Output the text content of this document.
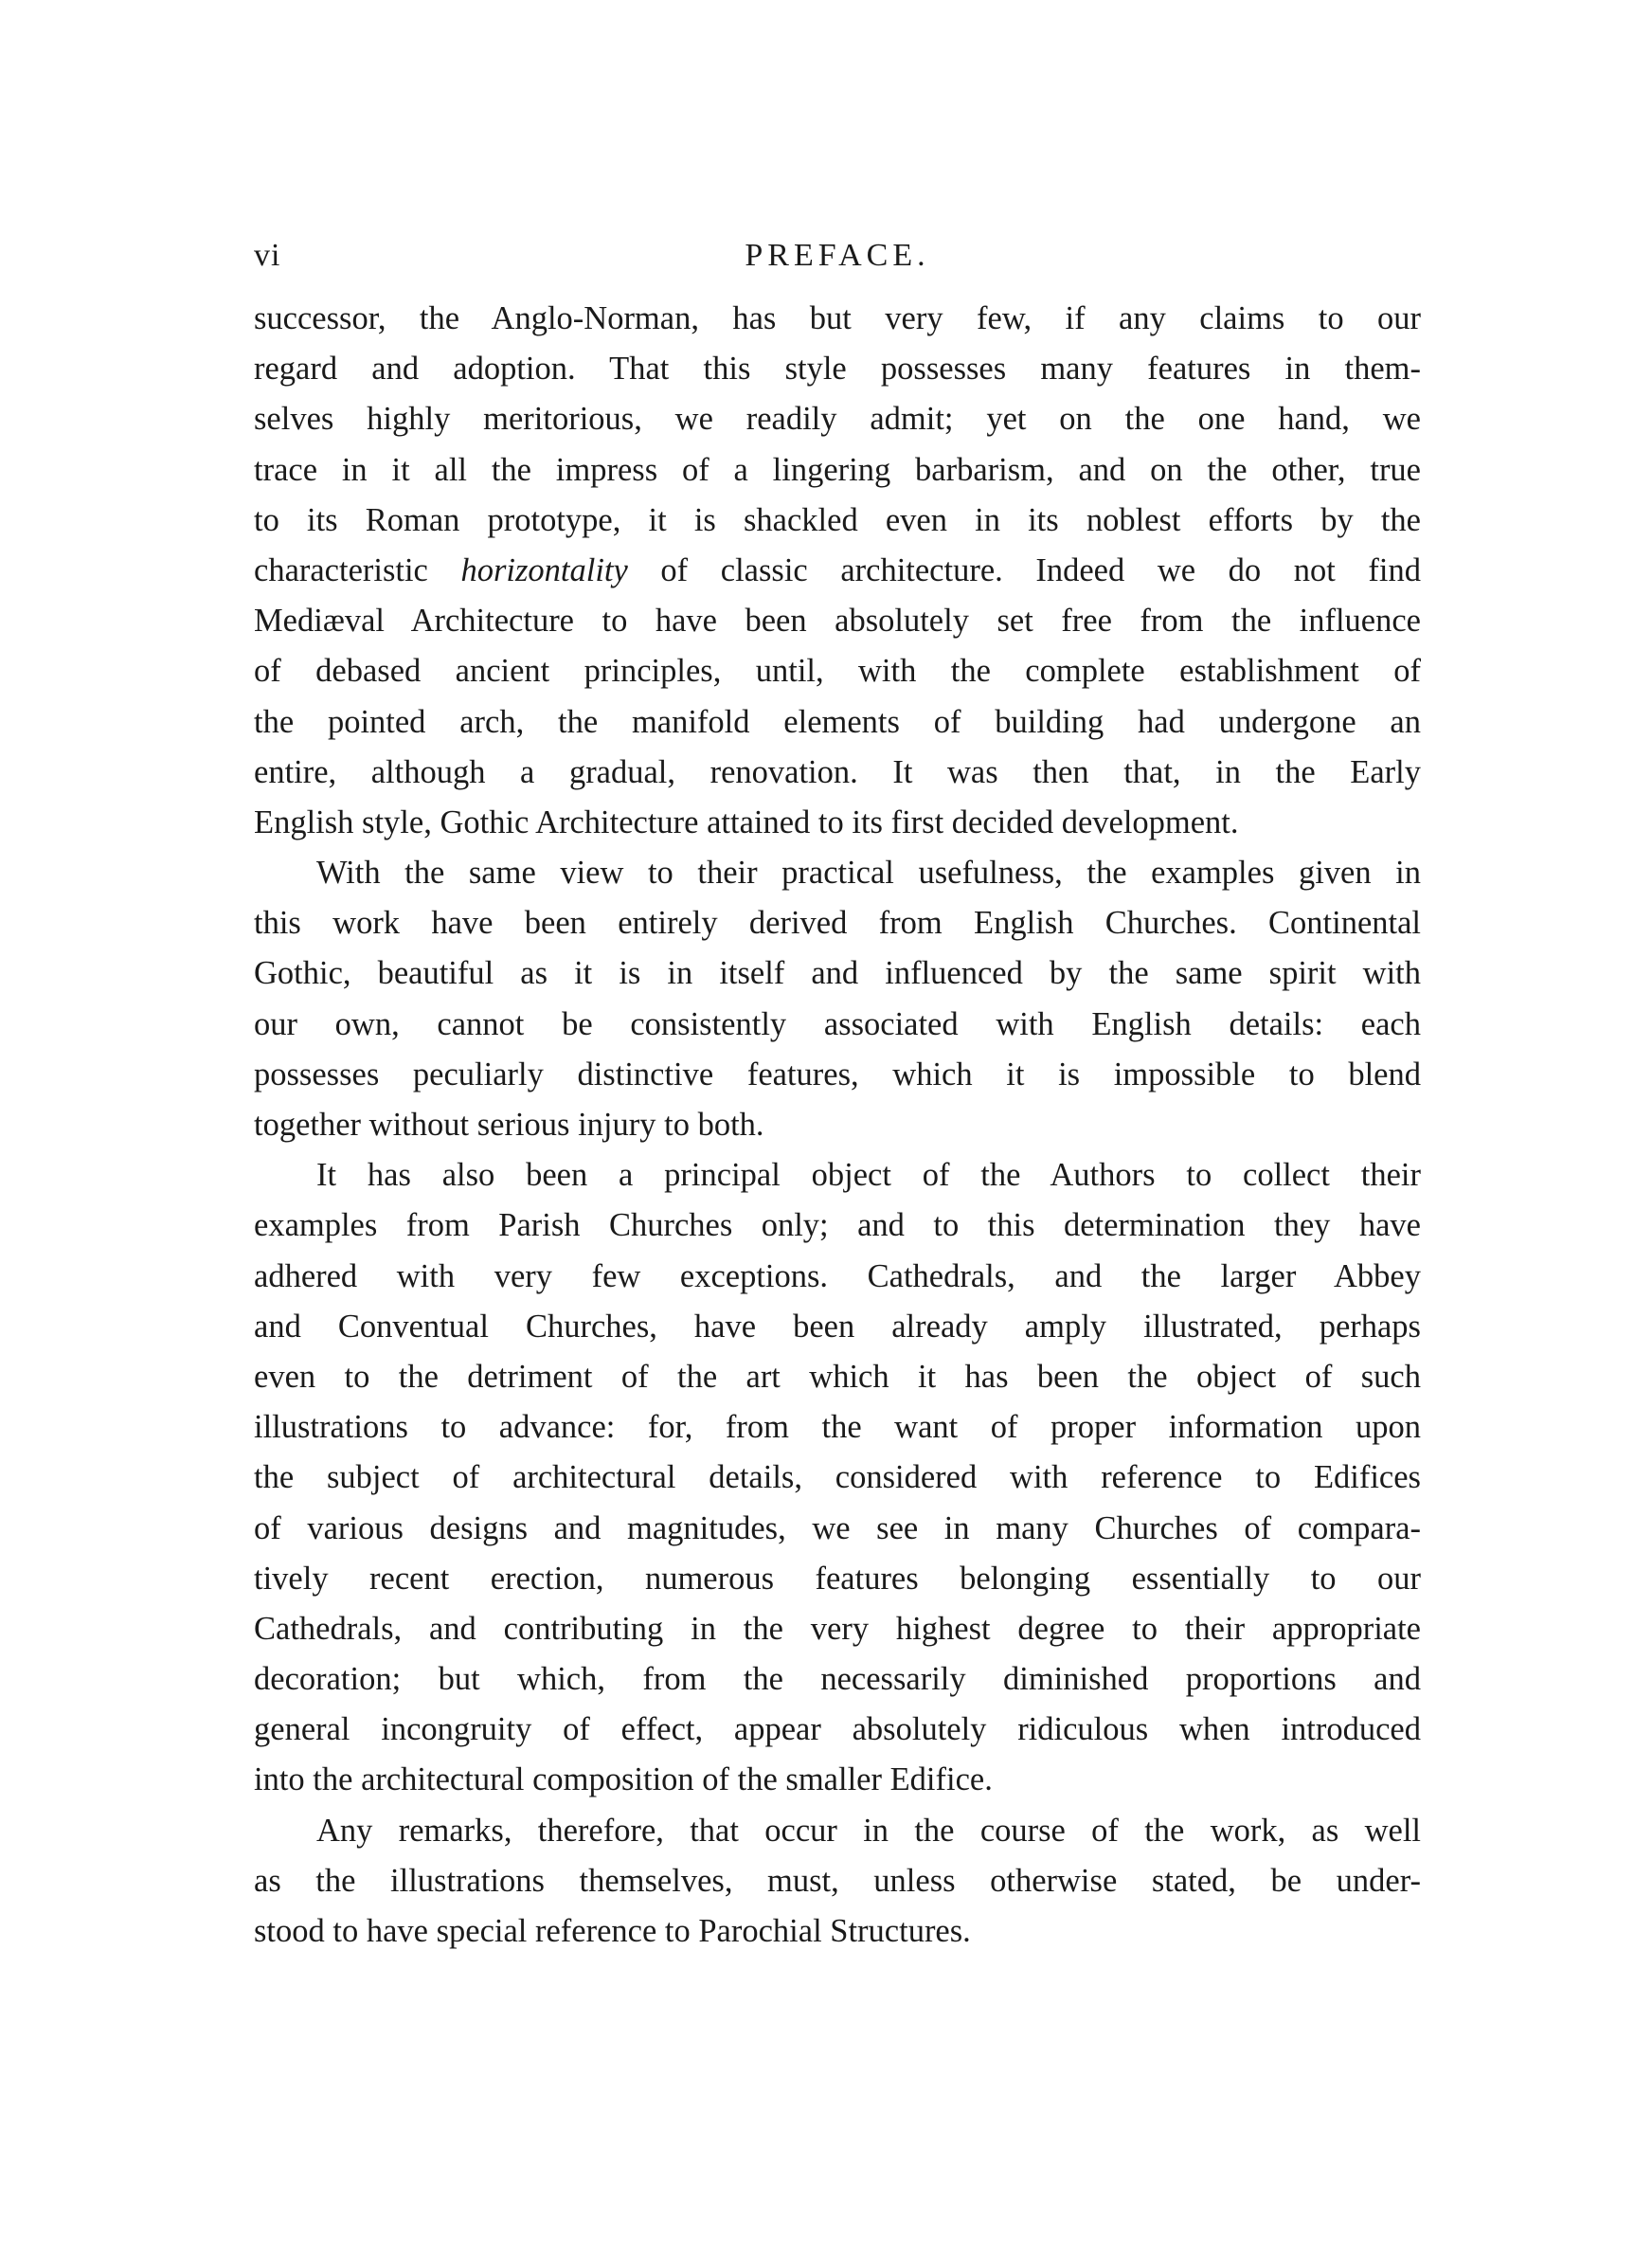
vi	PREFACE.
successor, the Anglo-Norman, has but very few, if any claims to our
regard and adoption. That this style possesses many features in them-
selves highly meritorious, we readily admit; yet on the one hand, we
trace in it all the impress of a lingering barbarism, and on the other, true
to its Roman prototype, it is shackled even in its noblest efforts by the
characteristic horizontality of classic architecture. Indeed we do not find
Mediæval Architecture to have been absolutely set free from the influence
of debased ancient principles, until, with the complete establishment of
the pointed arch, the manifold elements of building had undergone an
entire, although a gradual, renovation. It was then that, in the Early
English style, Gothic Architecture attained to its first decided development.
With the same view to their practical usefulness, the examples given in
this work have been entirely derived from English Churches. Continental
Gothic, beautiful as it is in itself and influenced by the same spirit with
our own, cannot be consistently associated with English details: each
possesses peculiarly distinctive features, which it is impossible to blend
together without serious injury to both.
It has also been a principal object of the Authors to collect their
examples from Parish Churches only; and to this determination they have
adhered with very few exceptions. Cathedrals, and the larger Abbey
and Conventual Churches, have been already amply illustrated, perhaps
even to the detriment of the art which it has been the object of such
illustrations to advance: for, from the want of proper information upon
the subject of architectural details, considered with reference to Edifices
of various designs and magnitudes, we see in many Churches of compara-
tively recent erection, numerous features belonging essentially to our
Cathedrals, and contributing in the very highest degree to their appropriate
decoration; but which, from the necessarily diminished proportions and
general incongruity of effect, appear absolutely ridiculous when introduced
into the architectural composition of the smaller Edifice.
Any remarks, therefore, that occur in the course of the work, as well
as the illustrations themselves, must, unless otherwise stated, be under-
stood to have special reference to Parochial Structures.
